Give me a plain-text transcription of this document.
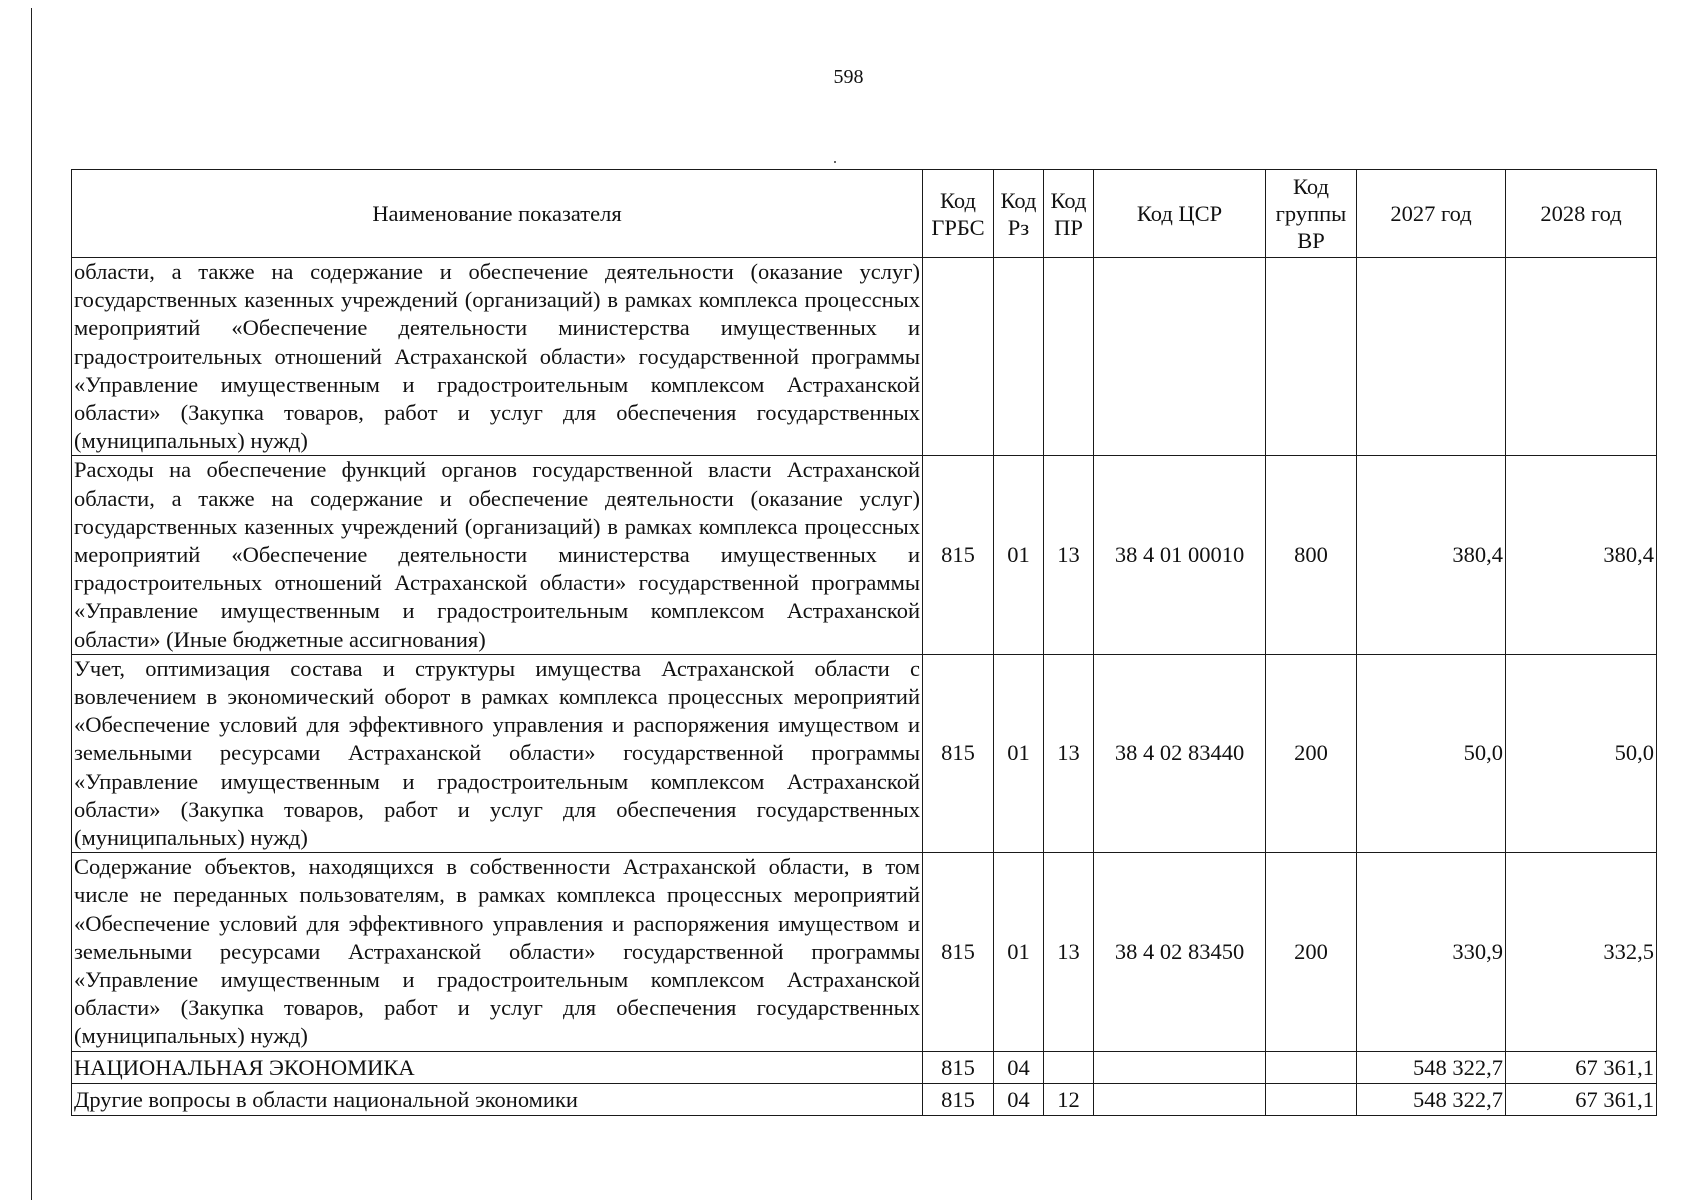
598
Наименование показателя	Код ГРБС	Код Рз	Код ПР	Код ЦСР	Код группы ВР	2027 год	2028 год
области, а также на содержание и обеспечение деятельности (оказание услуг) государственных казенных учреждений (организаций) в рамках комплекса процессных мероприятий «Обеспечение деятельности министерства имущественных и градостроительных отношений Астраханской области» государственной программы «Управление имущественным и градостроительным комплексом Астраханской области» (Закупка товаров, работ и услуг для обеспечения государственных (муниципальных) нужд)							
Расходы на обеспечение функций органов государственной власти Астраханской области, а также на содержание и обеспечение деятельности (оказание услуг) государственных казенных учреждений (организаций) в рамках комплекса процессных мероприятий «Обеспечение деятельности министерства имущественных и градостроительных отношений Астраханской области» государственной программы «Управление имущественным и градостроительным комплексом Астраханской области» (Иные бюджетные ассигнования)	815	01	13	38 4 01 00010	800	380,4	380,4
Учет, оптимизация состава и структуры имущества Астраханской области с вовлечением в экономический оборот в рамках комплекса процессных мероприятий «Обеспечение условий для эффективного управления и распоряжения имуществом и земельными ресурсами Астраханской области» государственной программы «Управление имущественным и градостроительным комплексом Астраханской области» (Закупка товаров, работ и услуг для обеспечения государственных (муниципальных) нужд)	815	01	13	38 4 02 83440	200	50,0	50,0
Содержание объектов, находящихся в собственности Астраханской области, в том числе не переданных пользователям, в рамках комплекса процессных мероприятий «Обеспечение условий для эффективного управления и распоряжения имуществом и земельными ресурсами Астраханской области» государственной программы «Управление имущественным и градостроительным комплексом Астраханской области» (Закупка товаров, работ и услуг для обеспечения государственных (муниципальных) нужд)	815	01	13	38 4 02 83450	200	330,9	332,5
НАЦИОНАЛЬНАЯ ЭКОНОМИКА	815	04				548 322,7	67 361,1
Другие вопросы в области национальной экономики	815	04	12			548 322,7	67 361,1
